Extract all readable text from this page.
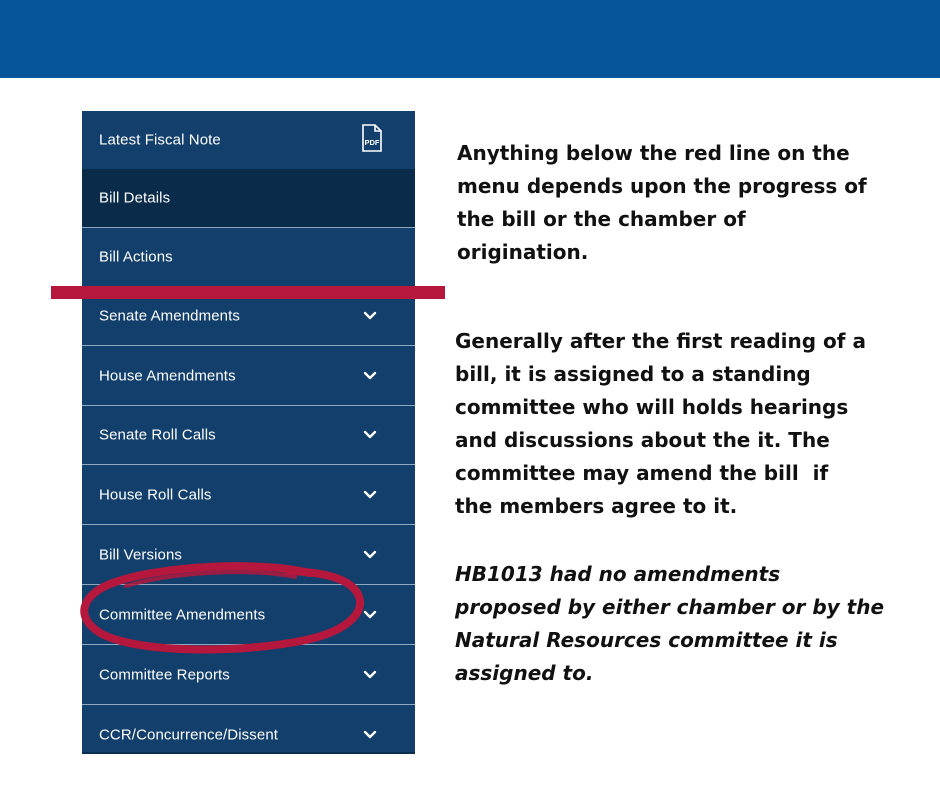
Latest Fiscal Note	PDF
Bill Details
Bill Actions
Senate Amendments
House Amendments
Senate Roll Calls
House Roll Calls
Bill Versions
Committee Amendments
Committee Reports
CCR/Concurrence/Dissent
Anything below the red line on the
menu depends upon the progress of
the bill or the chamber of
origination.
Generally after the first reading of a
bill, it is assigned to a standing
committee who will holds hearings
and discussions about the it. The
committee may amend the bill  if
the members agree to it.
HB1013 had no amendments
proposed by either chamber or by the
Natural Resources committee it is
assigned to.
